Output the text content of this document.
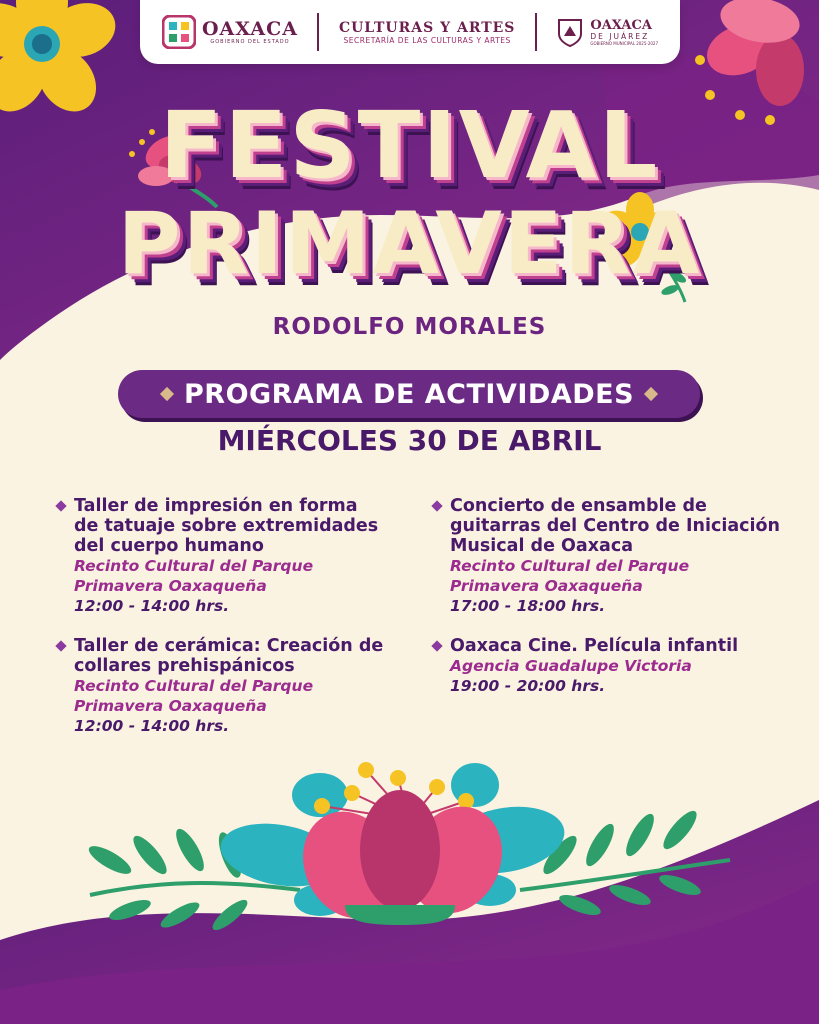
OAXACA
GOBIERNO DEL ESTADO
CULTURAS Y ARTES
SECRETARÍA DE LAS CULTURAS Y ARTES
OAXACA
DE JUÁREZ
GOBIERNO MUNICIPAL 2025-2027
FESTIVAL
PRIMAVERA
RODOLFO MORALES
PROGRAMA DE ACTIVIDADES
MIÉRCOLES 30 DE ABRIL
Taller de impresión en forma de tatuaje sobre extremidades del cuerpo humano
Recinto Cultural del Parque Primavera Oaxaqueña
12:00 - 14:00 hrs.
Taller de cerámica: Creación de collares prehispánicos
Recinto Cultural del Parque Primavera Oaxaqueña
12:00 - 14:00 hrs.
Concierto de ensamble de guitarras del Centro de Iniciación Musical de Oaxaca
Recinto Cultural del Parque Primavera Oaxaqueña
17:00 - 18:00 hrs.
Oaxaca Cine. Película infantil
Agencia Guadalupe Victoria
19:00 - 20:00 hrs.
